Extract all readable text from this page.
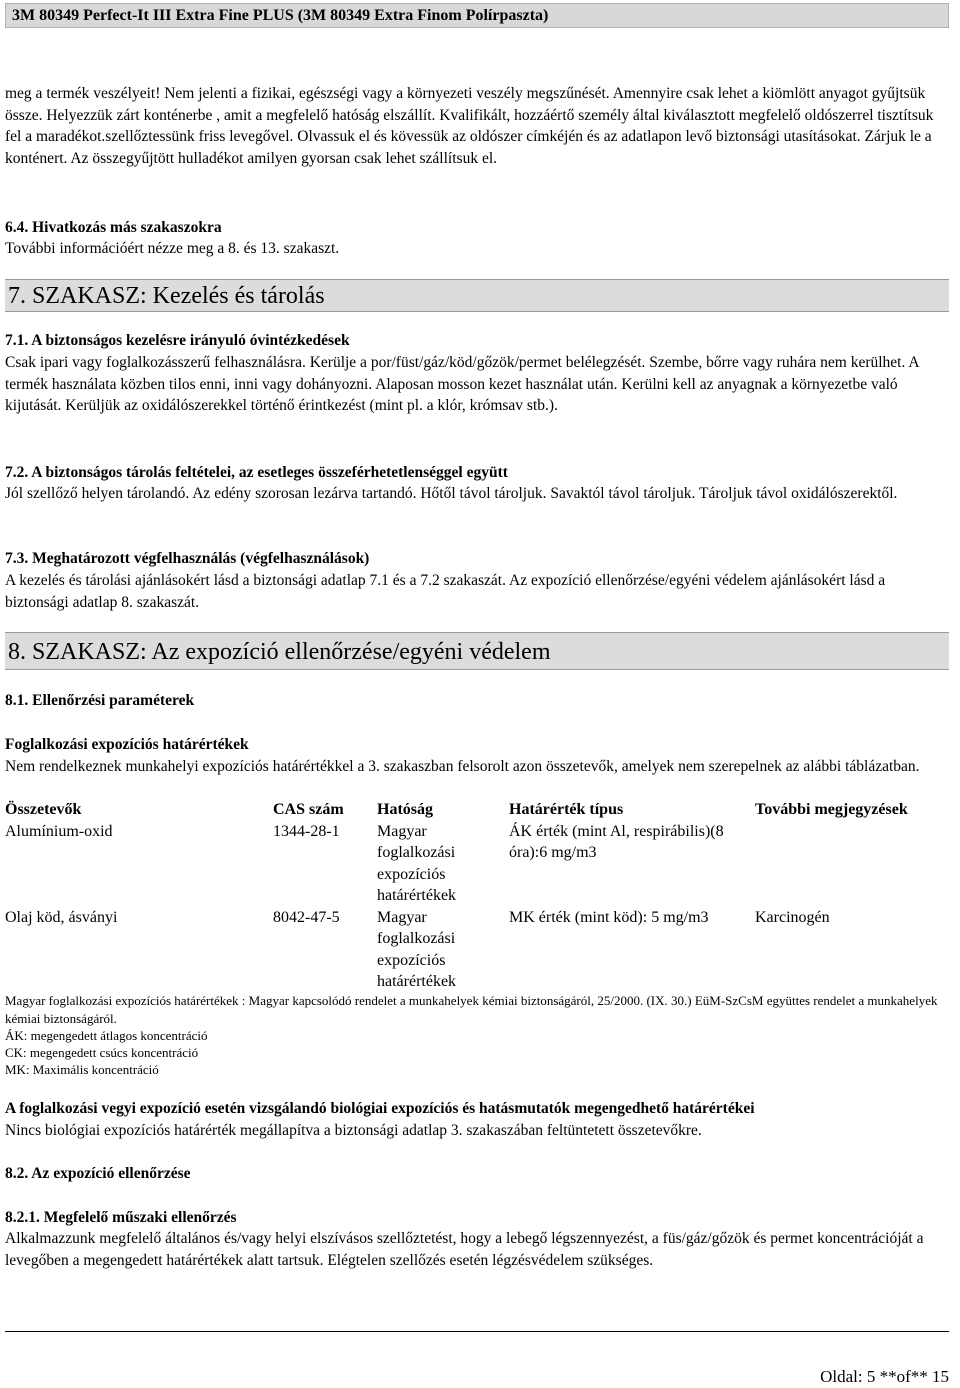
3M 80349 Perfect-It III Extra Fine PLUS (3M 80349 Extra Finom Polírpaszta)

meg a termék veszélyeit! Nem jelenti a fizikai, egészségi vagy a környezeti veszély megszűnését. Amennyire csak lehet a kiömlött anyagot gyűjtsük össze. Helyezzük zárt konténerbe , amit a megfelelő hatóság elszállít. Kvalifikált, hozzáértő személy által kiválasztott megfelelő oldószerrel tisztítsuk fel a maradékot.szellőztessünk friss levegővel. Olvassuk el és kövessük az oldószer címkéjén és az adatlapon levő biztonsági utasításokat. Zárjuk le a konténert. Az összegyűjtött hulladékot amilyen gyorsan csak lehet szállítsuk el.

6.4. Hivatkozás más szakaszokra

További információért nézze meg a 8. és 13. szakaszt.

7. SZAKASZ: Kezelés és tárolás

7.1. A biztonságos kezelésre irányuló óvintézkedések

Csak ipari vagy foglalkozásszerű felhasználásra. Kerülje a por/füst/gáz/köd/gőzök/permet belélegzését. Szembe, bőrre vagy ruhára nem kerülhet. A termék használata közben tilos enni, inni vagy dohányozni. Alaposan mosson kezet használat után. Kerülni kell az anyagnak a környezetbe való kijutását. Kerüljük az oxidálószerekkel történő érintkezést (mint pl. a klór, krómsav stb.).

7.2. A biztonságos tárolás feltételei, az esetleges összeférhetetlenséggel együtt

Jól szellőző helyen tárolandó. Az edény szorosan lezárva tartandó. Hőtől távol tároljuk. Savaktól távol tároljuk. Tároljuk távol oxidálószerektől.

7.3. Meghatározott végfelhasználás (végfelhasználások)

A kezelés és tárolási ajánlásokért lásd a biztonsági adatlap 7.1 és a 7.2 szakaszát. Az expozíció ellenőrzése/egyéni védelem ajánlásokért lásd a biztonsági adatlap 8. szakaszát.

8. SZAKASZ: Az expozíció ellenőrzése/egyéni védelem

8.1. Ellenőrzési paraméterek

Foglalkozási expozíciós határértékek

Nem rendelkeznek munkahelyi expozíciós határértékkel a 3. szakaszban felsorolt azon összetevők, amelyek nem szerepelnek az alábbi táblázatban.

Összetevők	CAS szám	Hatóság	Határérték típus	További megjegyzések
Alumínium-oxid	1344-28-1	Magyar foglalkozási expozíciós határértékek	ÁK érték (mint Al, respirábilis)(8 óra):6 mg/m3	
Olaj köd, ásványi	8042-47-5	Magyar foglalkozási expozíciós határértékek	MK érték (mint köd): 5 mg/m3	Karcinogén

Magyar foglalkozási expozíciós határértékek : Magyar kapcsolódó rendelet a munkahelyek kémiai biztonságáról, 25/2000. (IX. 30.) EüM-SzCsM együttes rendelet a munkahelyek kémiai biztonságáról.

ÁK: megengedett átlagos koncentráció

CK: megengedett csúcs koncentráció

MK: Maximális koncentráció

A foglalkozási vegyi expozíció esetén vizsgálandó biológiai expozíciós és hatásmutatók megengedhető határértékei

Nincs biológiai expozíciós határérték megállapítva a biztonsági adatlap 3. szakaszában feltüntetett összetevőkre.

8.2. Az expozíció ellenőrzése

8.2.1. Megfelelő műszaki ellenőrzés

Alkalmazzunk megfelelő általános és/vagy helyi elszívásos szellőztetést, hogy a lebegő légszennyezést, a füs/gáz/gőzök és permet koncentrációját a levegőben a megengedett határértékek alatt tartsuk. Elégtelen szellőzés esetén légzésvédelem szükséges.

Oldal: 5 **of** 15
